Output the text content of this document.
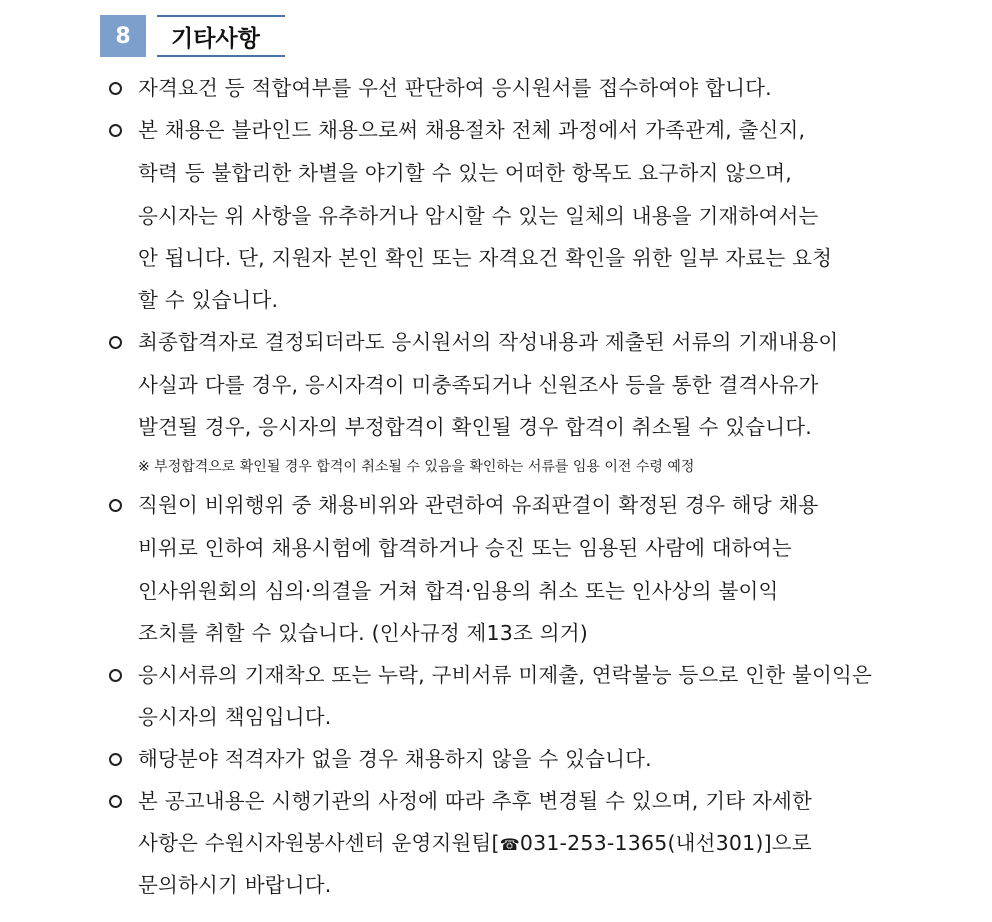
8	기타사항
자격요건 등 적합여부를 우선 판단하여 응시원서를 접수하여야 합니다.
본 채용은 블라인드 채용으로써 채용절차 전체 과정에서 가족관계, 출신지,
학력 등 불합리한 차별을 야기할 수 있는 어떠한 항목도 요구하지 않으며,
응시자는 위 사항을 유추하거나 암시할 수 있는 일체의 내용을 기재하여서는
안 됩니다. 단, 지원자 본인 확인 또는 자격요건 확인을 위한 일부 자료는 요청
할 수 있습니다.
최종합격자로 결정되더라도 응시원서의 작성내용과 제출된 서류의 기재내용이
사실과 다를 경우, 응시자격이 미충족되거나 신원조사 등을 통한 결격사유가
발견될 경우, 응시자의 부정합격이 확인될 경우 합격이 취소될 수 있습니다.
※ 부정합격으로 확인될 경우 합격이 취소될 수 있음을 확인하는 서류를 임용 이전 수령 예정
직원이 비위행위 중 채용비위와 관련하여 유죄판결이 확정된 경우 해당 채용
비위로 인하여 채용시험에 합격하거나 승진 또는 임용된 사람에 대하여는
인사위원회의 심의·의결을 거쳐 합격·임용의 취소 또는 인사상의 불이익
조치를 취할 수 있습니다. (인사규정 제13조 의거)
응시서류의 기재착오 또는 누락, 구비서류 미제출, 연락불능 등으로 인한 불이익은
응시자의 책임입니다.
해당분야 적격자가 없을 경우 채용하지 않을 수 있습니다.
본 공고내용은 시행기관의 사정에 따라 추후 변경될 수 있으며, 기타 자세한
사항은 수원시자원봉사센터 운영지원팀[☎031-253-1365(내선301)]으로
문의하시기 바랍니다.
